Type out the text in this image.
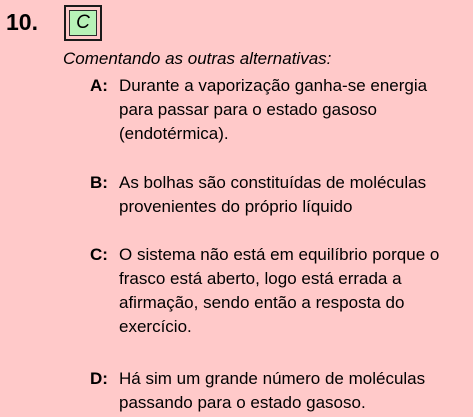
10.	C
Comentando as outras alternativas:
A: Durante a vaporização ganha-se energia
para passar para o estado gasoso
(endotérmica).
B: As bolhas são constituídas de moléculas
provenientes do próprio líquido
C: O sistema não está em equilíbrio porque o
frasco está aberto, logo está errada a
afirmação, sendo então a resposta do
exercício.
D: Há sim um grande número de moléculas
passando para o estado gasoso.
